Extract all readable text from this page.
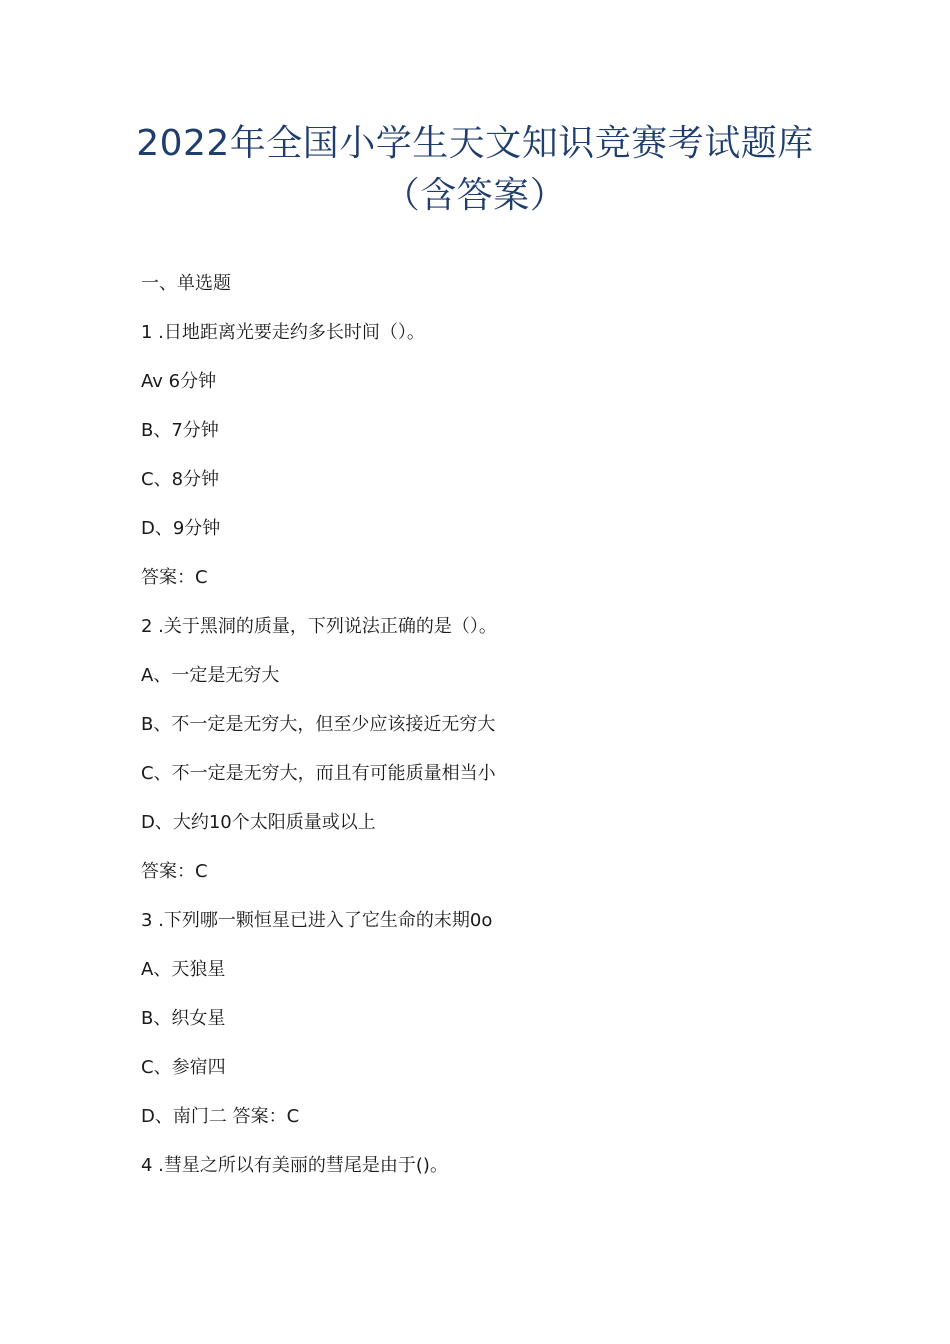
2022年全国小学生天文知识竞赛考试题库
（含答案）
一、单选题
1 .日地距离光要走约多长时间（）。
Av 6分钟
B、7分钟
C、8分钟
D、9分钟
答案：C
2 .关于黑洞的质量，下列说法正确的是（）。
A、一定是无穷大
B、不一定是无穷大，但至少应该接近无穷大
C、不一定是无穷大，而且有可能质量相当小
D、大约10个太阳质量或以上
答案：C
3 .下列哪一颗恒星已进入了它生命的末期0o
A、天狼星
B、织女星
C、参宿四
D、南门二 答案：C
4 .彗星之所以有美丽的彗尾是由于()。
